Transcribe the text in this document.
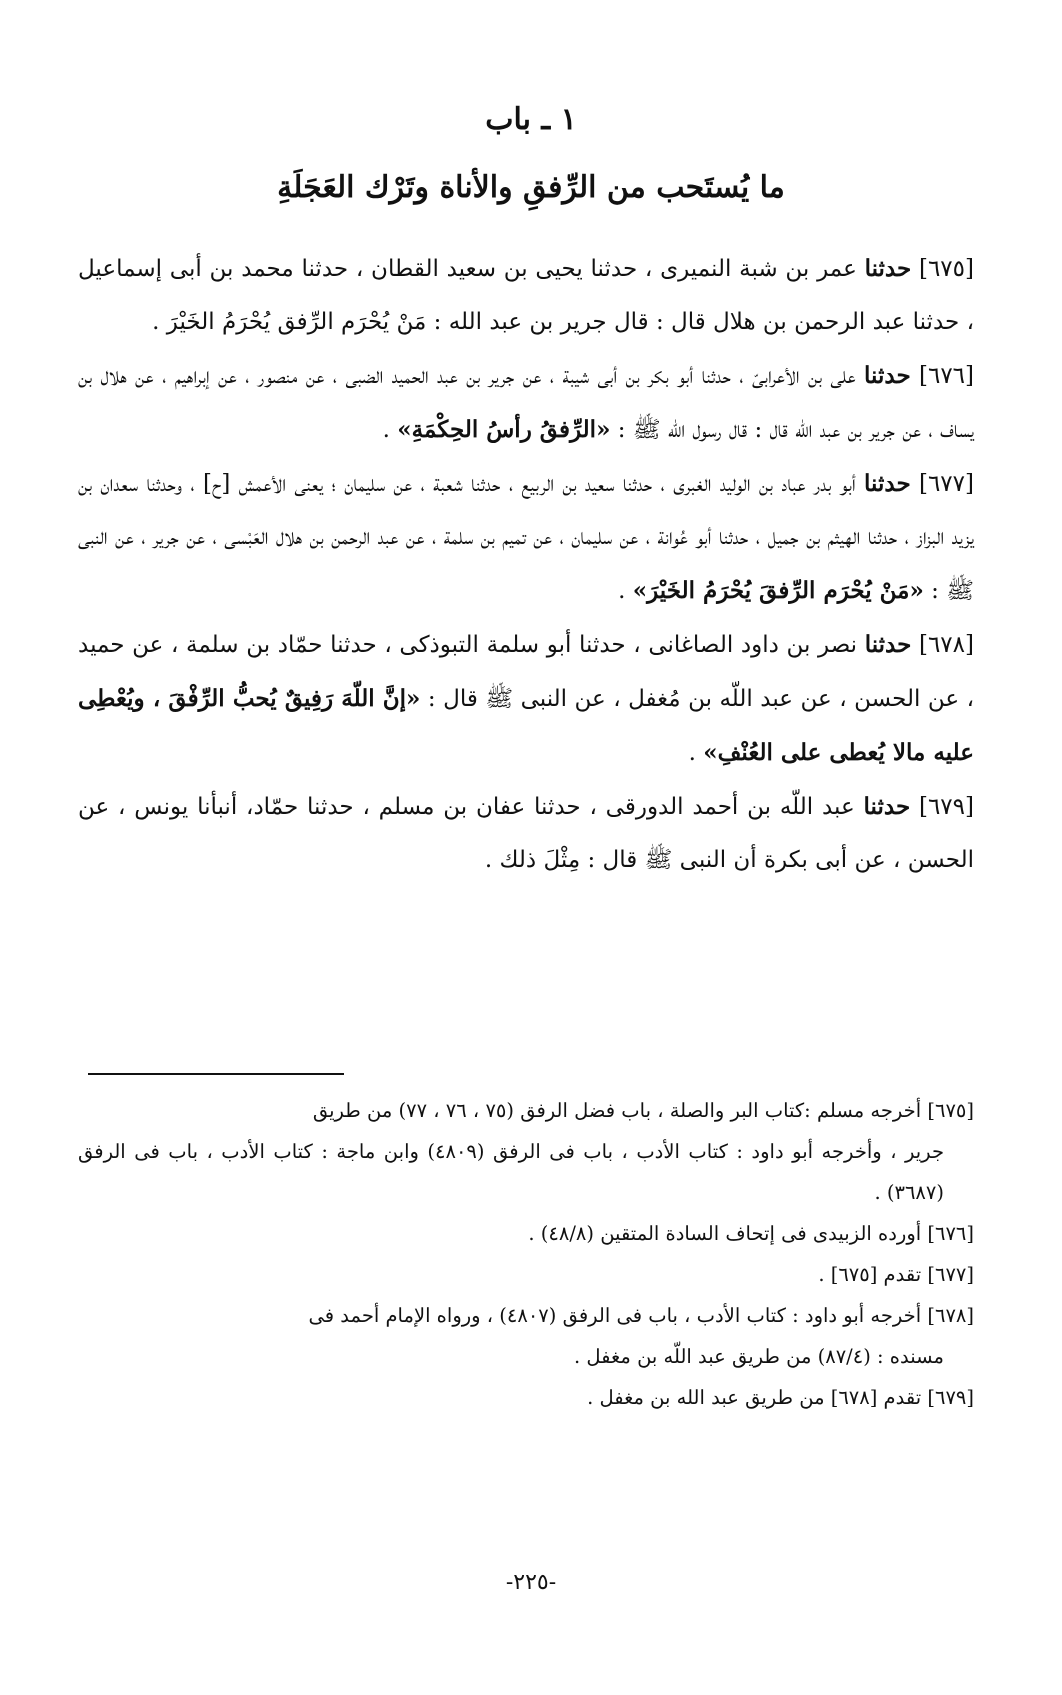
١ ـ باب
ما يُستَحب من الرِّفقِ والأناة وتَرْك العَجَلَةِ

[٦٧٥] حدثنا عمر بن شبة النميرى ، حدثنا يحيى بن سعيد القطان ، حدثنا محمد بن أبى إسماعيل ، حدثنا عبد الرحمن بن هلال قال : قال جرير بن عبد الله : مَنْ يُحْرَم الرِّفق يُحْرَمُ الخَيْرَ .

[٦٧٦] حدثنا على بن الأعرابىّ ، حدثنا أبو بكر بن أبى شيبة ، عن جرير بن عبد الحميد الضبى ، عن منصور ، عن إبراهيم ، عن هلال بن يساف ، عن جرير بن عبد الله قال : قال رسول الله ﷺ : «الرِّفقُ رأسُ الحِكْمَةِ» .

[٦٧٧] حدثنا أبو بدر عباد بن الوليد الغبرى ، حدثنا سعيد بن الربيع ، حدثنا شعبة ، عن سليمان ؛ يعنى الأعمش [ح] ، وحدثنا سعدان بن يزيد البزاز ، حدثنا الهيثم بن جميل ، حدثنا أبو عُوانة ، عن سليمان ، عن تميم بن سلمة ، عن عبد الرحمن بن هلال العَبْسى ، عن جرير ، عن النبى ﷺ : «مَنْ يُحْرَم الرِّفقَ يُحْرَمُ الخَيْرَ» .

[٦٧٨] حدثنا نصر بن داود الصاغانى ، حدثنا أبو سلمة التبوذكى ، حدثنا حمّاد بن سلمة ، عن حميد ، عن الحسن ، عن عبد اللّه بن مُغفل ، عن النبى ﷺ قال : «إنَّ اللّهَ رَفِيقٌ يُحبُّ الرِّفْقَ ، ويُعْطِى عليه مالا يُعطى على العُنْفِ» .

[٦٧٩] حدثنا عبد اللّه بن أحمد الدورقى ، حدثنا عفان بن مسلم ، حدثنا حمّاد، أنبأنا يونس ، عن الحسن ، عن أبى بكرة أن النبى ﷺ قال : مِثْلَ ذلك .

[٦٧٥] أخرجه مسلم :كتاب البر والصلة ، باب فضل الرفق (٧٥ ، ٧٦ ، ٧٧) من طريق
جرير ، وأخرجه أبو داود : كتاب الأدب ، باب فى الرفق (٤٨٠٩) وابن ماجة : كتاب الأدب ، باب فى الرفق (٣٦٨٧) .

[٦٧٦] أورده الزبيدى فى إتحاف السادة المتقين (٤٨/٨) .

[٦٧٧] تقدم [٦٧٥] .

[٦٧٨] أخرجه أبو داود : كتاب الأدب ، باب فى الرفق (٤٨٠٧) ، ورواه الإمام أحمد فى
مسنده : (٨٧/٤) من طريق عبد اللّه بن مغفل .

[٦٧٩] تقدم [٦٧٨] من طريق عبد الله بن مغفل .

-٢٢٥-
